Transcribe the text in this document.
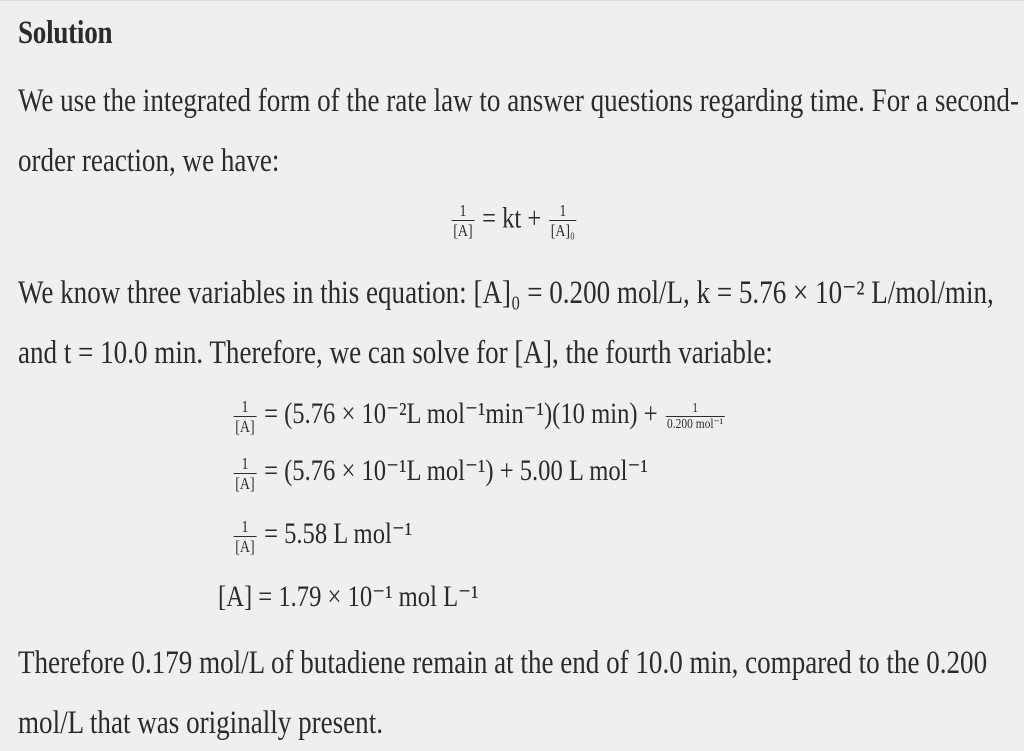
Solution
We use the integrated form of the rate law to answer questions regarding time. For a second-
order reaction, we have:
$\frac{1}{[A]}$ = kt + $\frac{1}{\text{[A]₀}}$
We know three variables in this equation: [A]₀ = 0.200 mol/L, k = 5.76 × 10⁻² L/mol/min,
and t = 10.0 min. Therefore, we can solve for [A], the fourth variable:
$\frac{1}{[A]} = (5.76 \times 10^{-2}L$ mol⁻¹min⁻¹)(10 $\min) + \frac{1}{\text{0.200 mol⁻¹}}$
$\frac{1}{[A]} = (5.76 \times 10^{-1}L$ mol⁻¹) + 5.00 L mol⁻¹
$\frac{1}{[A]} = 5.58$ L mol⁻¹
[A] = 1.79 × 10⁻¹ mol L⁻¹
Therefore 0.179 mol/L of butadiene remain at the end of 10.0 min, compared to the 0.200
mol/L that was originally present.
